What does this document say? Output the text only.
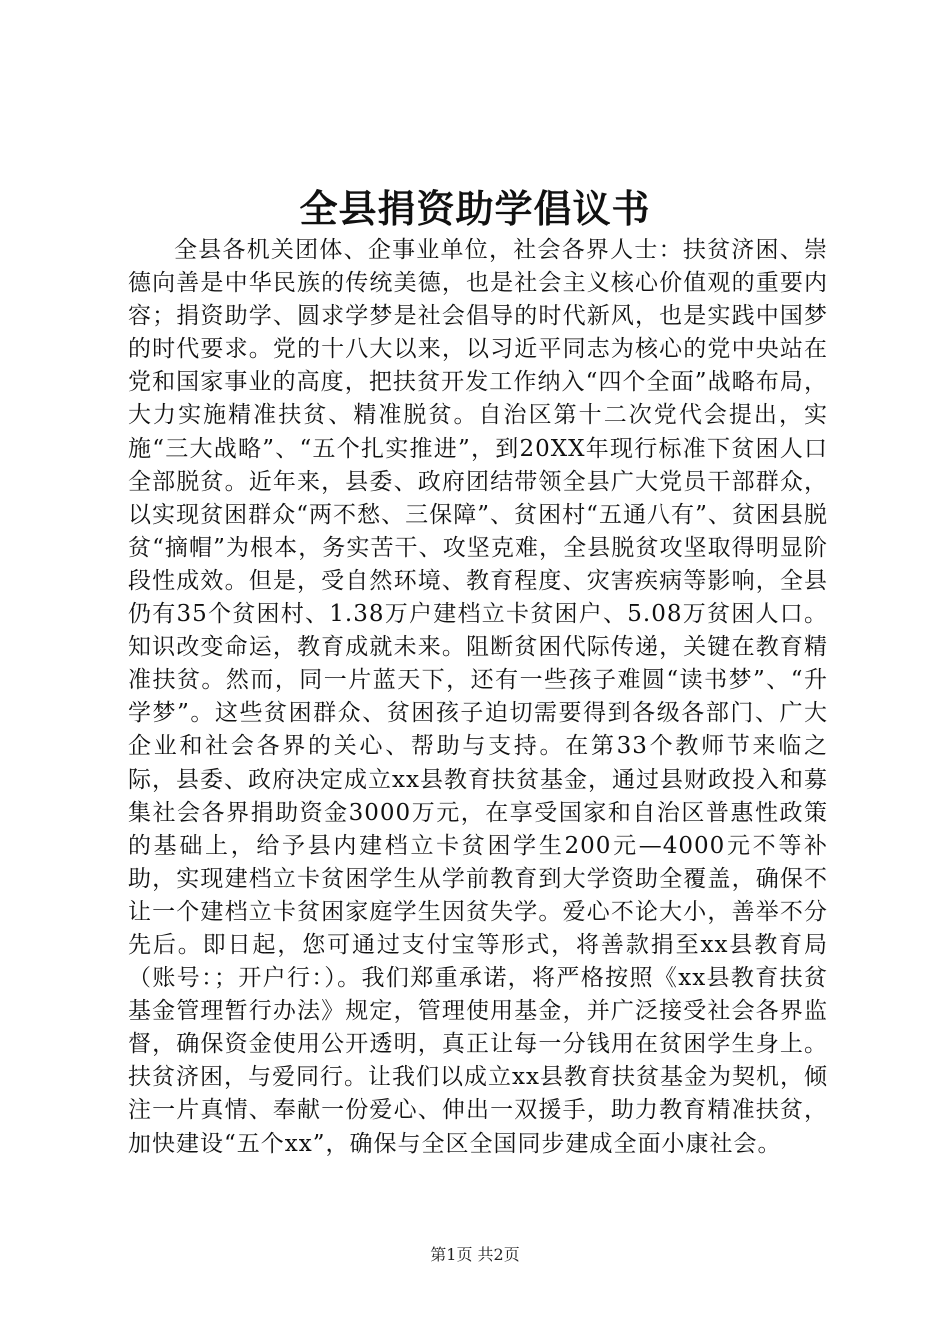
全县捐资助学倡议书

全县各机关团体、企事业单位，社会各界人士：扶贫济困、崇德向善是中华民族的传统美德，也是社会主义核心价值观的重要内容；捐资助学、圆求学梦是社会倡导的时代新风，也是实践中国梦的时代要求。党的十八大以来，以习近平同志为核心的党中央站在党和国家事业的高度，把扶贫开发工作纳入“四个全面”战略布局，大力实施精准扶贫、精准脱贫。自治区第十二次党代会提出，实施“三大战略”、“五个扎实推进”，到20XX年现行标准下贫困人口全部脱贫。近年来，县委、政府团结带领全县广大党员干部群众，以实现贫困群众“两不愁、三保障”、贫困村“五通八有”、贫困县脱贫“摘帽”为根本，务实苦干、攻坚克难，全县脱贫攻坚取得明显阶段性成效。但是，受自然环境、教育程度、灾害疾病等影响，全县仍有35个贫困村、1.38万户建档立卡贫困户、5.08万贫困人口。知识改变命运，教育成就未来。阻断贫困代际传递，关键在教育精准扶贫。然而，同一片蓝天下，还有一些孩子难圆“读书梦”、“升学梦”。这些贫困群众、贫困孩子迫切需要得到各级各部门、广大企业和社会各界的关心、帮助与支持。在第33个教师节来临之际，县委、政府决定成立xx县教育扶贫基金，通过县财政投入和募集社会各界捐助资金3000万元，在享受国家和自治区普惠性政策的基础上，给予县内建档立卡贫困学生200元—4000元不等补助，实现建档立卡贫困学生从学前教育到大学资助全覆盖，确保不让一个建档立卡贫困家庭学生因贫失学。爱心不论大小，善举不分先后。即日起，您可通过支付宝等形式，将善款捐至xx县教育局（账号：；开户行：）。我们郑重承诺，将严格按照《xx县教育扶贫基金管理暂行办法》规定，管理使用基金，并广泛接受社会各界监督，确保资金使用公开透明，真正让每一分钱用在贫困学生身上。扶贫济困，与爱同行。让我们以成立xx县教育扶贫基金为契机，倾注一片真情、奉献一份爱心、伸出一双援手，助力教育精准扶贫，加快建设“五个xx”，确保与全区全国同步建成全面小康社会。

第1页 共2页
